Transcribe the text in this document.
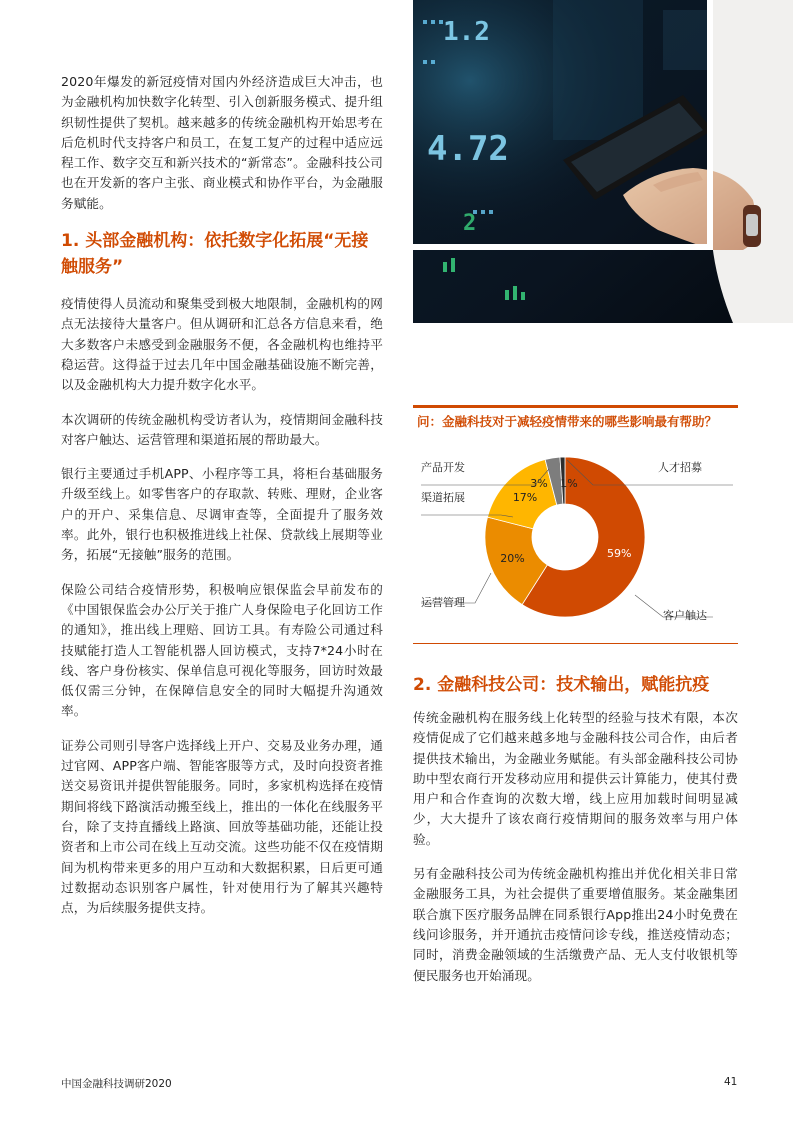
2020年爆发的新冠疫情对国内外经济造成巨大冲击，也为金融机构加快数字化转型、引入创新服务模式、提升组织韧性提供了契机。越来越多的传统金融机构开始思考在后危机时代支持客户和员工，在复工复产的过程中适应远程工作、数字交互和新兴技术的“新常态”。金融科技公司也在开发新的客户主张、商业模式和协作平台，为金融服务赋能。

1. 头部金融机构：依托数字化拓展“无接触服务”

疫情使得人员流动和聚集受到极大地限制，金融机构的网点无法接待大量客户。但从调研和汇总各方信息来看，绝大多数客户未感受到金融服务不便，各金融机构也维持平稳运营。这得益于过去几年中国金融基础设施不断完善，以及金融机构大力提升数字化水平。

本次调研的传统金融机构受访者认为，疫情期间金融科技对客户触达、运营管理和渠道拓展的帮助最大。

银行主要通过手机APP、小程序等工具，将柜台基础服务升级至线上。如零售客户的存取款、转账、理财，企业客户的开户、采集信息、尽调审查等，全面提升了服务效率。此外，银行也积极推进线上社保、贷款线上展期等业务，拓展“无接触”服务的范围。

保险公司结合疫情形势，积极响应银保监会早前发布的《中国银保监会办公厅关于推广人身保险电子化回访工作的通知》，推出线上理赔、回访工具。有寿险公司通过科技赋能打造人工智能机器人回访模式，支持7*24小时在线、客户身份核实、保单信息可视化等服务，回访时效最低仅需三分钟，在保障信息安全的同时大幅提升沟通效率。

证券公司则引导客户选择线上开户、交易及业务办理，通过官网、APP客户端、智能客服等方式，及时向投资者推送交易资讯并提供智能服务。同时，多家机构选择在疫情期间将线下路演活动搬至线上，推出的一体化在线服务平台，除了支持直播线上路演、回放等基础功能，还能让投资者和上市公司在线上互动交流。这些功能不仅在疫情期间为机构带来更多的用户互动和大数据积累，日后更可通过数据动态识别客户属性，针对使用行为了解其兴趣特点，为后续服务提供支持。

1.2
4.72
2
问：金融科技对于减轻疫情带来的哪些影响最有帮助？
59%
20%
17%
3% 1%
客户触达
运营管理
渠道拓展
产品开发	人才招募
2. 金融科技公司：技术输出，赋能抗疫

传统金融机构在服务线上化转型的经验与技术有限，本次疫情促成了它们越来越多地与金融科技公司合作，由后者提供技术输出，为金融业务赋能。有头部金融科技公司协助中型农商行开发移动应用和提供云计算能力，使其付费用户和合作查询的次数大增，线上应用加载时间明显减少，大大提升了该农商行疫情期间的服务效率与用户体验。

另有金融科技公司为传统金融机构推出并优化相关非日常金融服务工具，为社会提供了重要增值服务。某金融集团联合旗下医疗服务品牌在同系银行App推出24小时免费在线问诊服务，并开通抗击疫情问诊专线，推送疫情动态；同时，消费金融领域的生活缴费产品、无人支付收银机等便民服务也开始涌现。

中国金融科技调研2020	41
